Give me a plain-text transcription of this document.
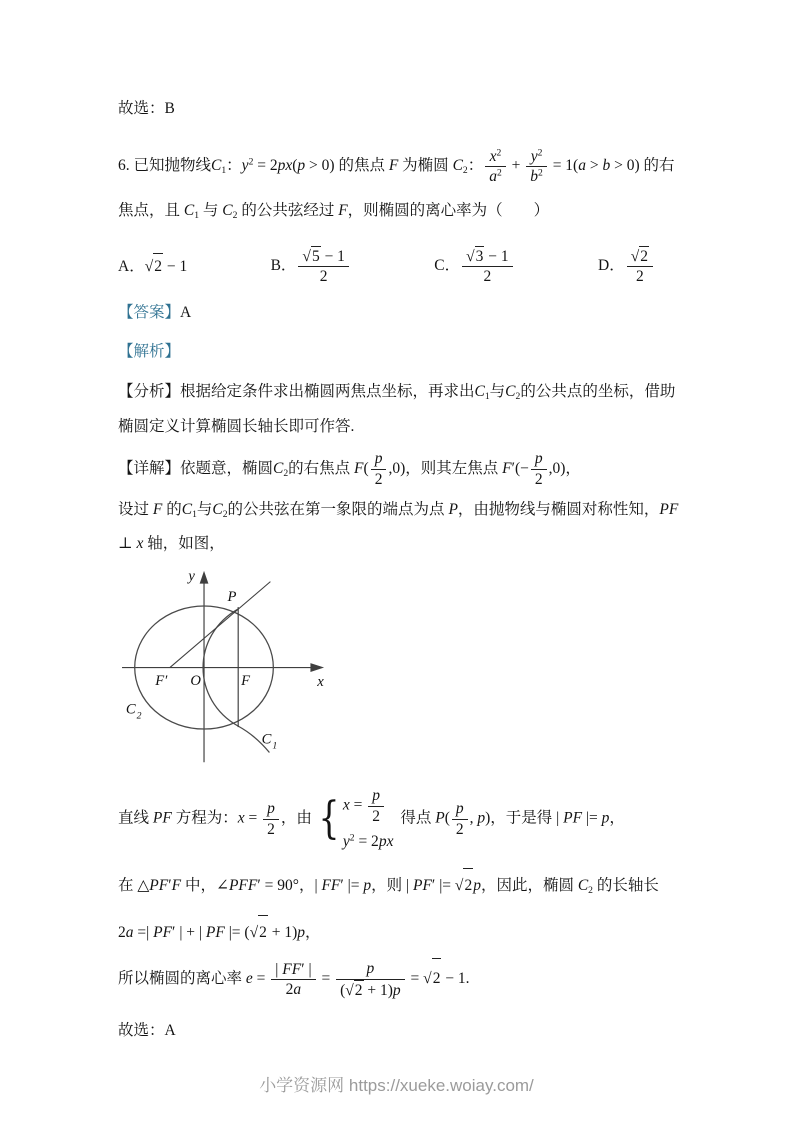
故选：B

6. 已知抛物线C1：$y^2 = 2px(p > 0)$ 的焦点 F 为椭圆 C2： $\frac{x^2}{a^2} + \frac{y^2}{b^2} = 1(a > b > 0)$ 的右焦点，且 C1 与 C2 的公共弦经过 F，则椭圆的离心率为（　　）

A．√2 − 1	B． $\frac{√5 - 1}{2}$	C． $\frac{√3 - 1}{2}$	D． $\frac{√2}{2}$

【答案】A

【解析】

【分析】根据给定条件求出椭圆两焦点坐标，再求出C1与C2的公共点的坐标，借助椭圆定义计算椭圆长轴长即可作答.

【详解】依题意，椭圆C2的右焦点 $F( \frac{p}{2} ,0)$，则其左焦点 $F'(- \frac{p}{2} ,0)$，

设过 F 的C1与C2的公共弦在第一象限的端点为点 P，由抛物线与椭圆对称性知，PF ⊥ x 轴，如图，

y
x
P
F′ O	F
C 2
C 1

直线 PF 方程为：$x = \frac{p}{2}$ ，由 { $x = \frac{p}{2}$
$y^2 = 2px$
得点 $P( \frac{p}{2}$ , p)，于是得 | PF |= p，

在 △PF′F 中，∠PFF′ = 90°，| FF′ |= p，则 | PF′ |= √2p，因此，椭圆 C2 的长轴长

2a =| PF′ | + | PF |= (√2 + 1)p，

所以椭圆的离心率 $e = \frac{| FF' |}{2a} = \frac{p}{(√2 + 1)p} = √2 - 1$.

故选：A

小学资源网 https://xueke.woiay.com/
